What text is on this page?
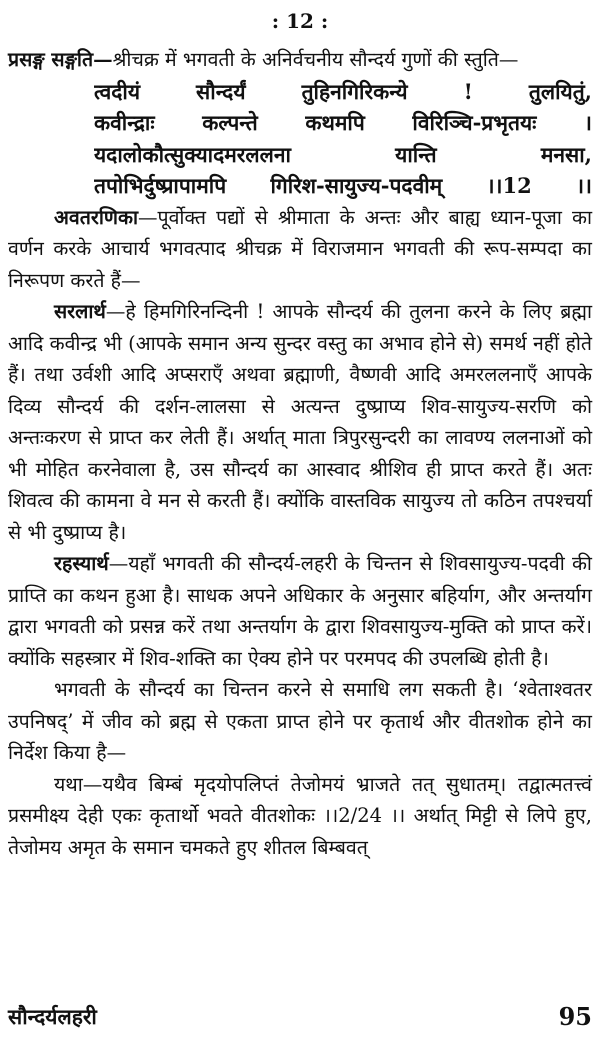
: 12 :

प्रसङ्ग सङ्गति—श्रीचक्र में भगवती के अनिर्वचनीय सौन्दर्य गुणों की स्तुति—

त्वदीयं सौन्दर्यं तुहिनगिरिकन्ये ! तुलयितुं,
कवीन्द्राः कल्पन्ते कथमपि विरिञ्चि-प्रभृतयः ।
यदालोकौत्सुक्यादमरललना यान्ति मनसा,
तपोभिर्दुष्प्रापामपि गिरिश-सायुज्य-पदवीम् ।।12 ।।

अवतरणिका—पूर्वोक्त पद्यों से श्रीमाता के अन्तः और बाह्य ध्यान-पूजा का वर्णन करके आचार्य भगवत्पाद श्रीचक्र में विराजमान भगवती की रूप-सम्पदा का निरूपण करते हैं—

सरलार्थ—हे हिमगिरिनन्दिनी ! आपके सौन्दर्य की तुलना करने के लिए ब्रह्मा आदि कवीन्द्र भी (आपके समान अन्य सुन्दर वस्तु का अभाव होने से) समर्थ नहीं होते हैं। तथा उर्वशी आदि अप्सराएँ अथवा ब्रह्माणी, वैष्णवी आदि अमरललनाएँ आपके दिव्य सौन्दर्य की दर्शन-लालसा से अत्यन्त दुष्प्राप्य शिव-सायुज्य-सरणि को अन्तःकरण से प्राप्त कर लेती हैं। अर्थात् माता त्रिपुरसुन्दरी का लावण्य ललनाओं को भी मोहित करनेवाला है, उस सौन्दर्य का आस्वाद श्रीशिव ही प्राप्त करते हैं। अतः शिवत्व की कामना वे मन से करती हैं। क्योंकि वास्तविक सायुज्य तो कठिन तपश्चर्या से भी दुष्प्राप्य है।

रहस्यार्थ—यहाँ भगवती की सौन्दर्य-लहरी के चिन्तन से शिवसायुज्य-पदवी की प्राप्ति का कथन हुआ है। साधक अपने अधिकार के अनुसार बहिर्याग, और अन्तर्याग द्वारा भगवती को प्रसन्न करें तथा अन्तर्याग के द्वारा शिवसायुज्य-मुक्ति को प्राप्त करें। क्योंकि सहस्त्रार में शिव-शक्ति का ऐक्य होने पर परमपद की उपलब्धि होती है।

भगवती के सौन्दर्य का चिन्तन करने से समाधि लग सकती है। ‘श्वेताश्वतर उपनिषद्’ में जीव को ब्रह्म से एकता प्राप्त होने पर कृतार्थ और वीतशोक होने का निर्देश किया है—

यथा—यथैव बिम्बं मृदयोपलिप्तं तेजोमयं भ्राजते तत् सुधातम्। तद्वात्मतत्त्वं प्रसमीक्ष्य देही एकः कृतार्थो भवते वीतशोकः ।।2/24 ।। अर्थात् मिट्टी से लिपे हुए, तेजोमय अमृत के समान चमकते हुए शीतल बिम्बवत्

सौन्दर्यलहरी	95
